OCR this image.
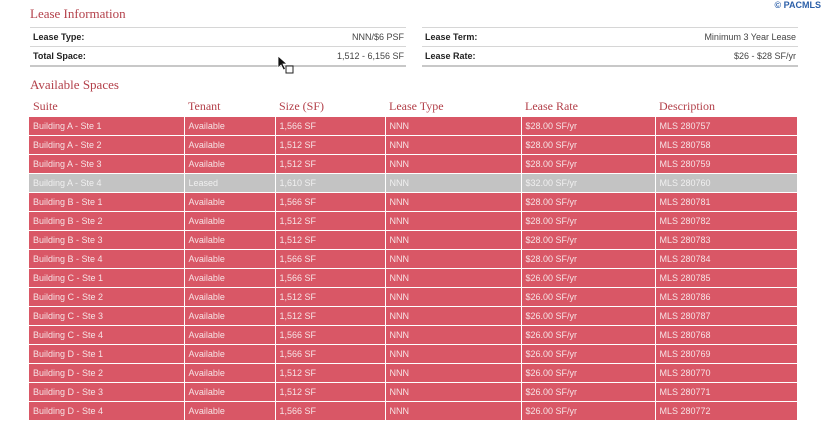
© PACMLS
Lease Information
Lease Type:	NNN/$6 PSF
Total Space:	1,512 - 6,156 SF
Lease Term:	Minimum 3 Year Lease
Lease Rate:	$26 - $28 SF/yr
Available Spaces
Suite	Tenant	Size (SF)	Lease Type	Lease Rate	Description
Building A - Ste 1	Available	1,566 SF	NNN	$28.00 SF/yr	MLS 280757
Building A - Ste 2	Available	1,512 SF	NNN	$28.00 SF/yr	MLS 280758
Building A - Ste 3	Available	1,512 SF	NNN	$28.00 SF/yr	MLS 280759
Building A - Ste 4	Leased	1,610 SF	NNN	$32.00 SF/yr	MLS 280760
Building B - Ste 1	Available	1,566 SF	NNN	$28.00 SF/yr	MLS 280781
Building B - Ste 2	Available	1,512 SF	NNN	$28.00 SF/yr	MLS 280782
Building B - Ste 3	Available	1,512 SF	NNN	$28.00 SF/yr	MLS 280783
Building B - Ste 4	Available	1,566 SF	NNN	$28.00 SF/yr	MLS 280784
Building C - Ste 1	Available	1,566 SF	NNN	$26.00 SF/yr	MLS 280785
Building C - Ste 2	Available	1,512 SF	NNN	$26.00 SF/yr	MLS 280786
Building C - Ste 3	Available	1,512 SF	NNN	$26.00 SF/yr	MLS 280787
Building C - Ste 4	Available	1,566 SF	NNN	$26.00 SF/yr	MLS 280768
Building D - Ste 1	Available	1,566 SF	NNN	$26.00 SF/yr	MLS 280769
Building D - Ste 2	Available	1,512 SF	NNN	$26.00 SF/yr	MLS 280770
Building D - Ste 3	Available	1,512 SF	NNN	$26.00 SF/yr	MLS 280771
Building D - Ste 4	Available	1,566 SF	NNN	$26.00 SF/yr	MLS 280772
